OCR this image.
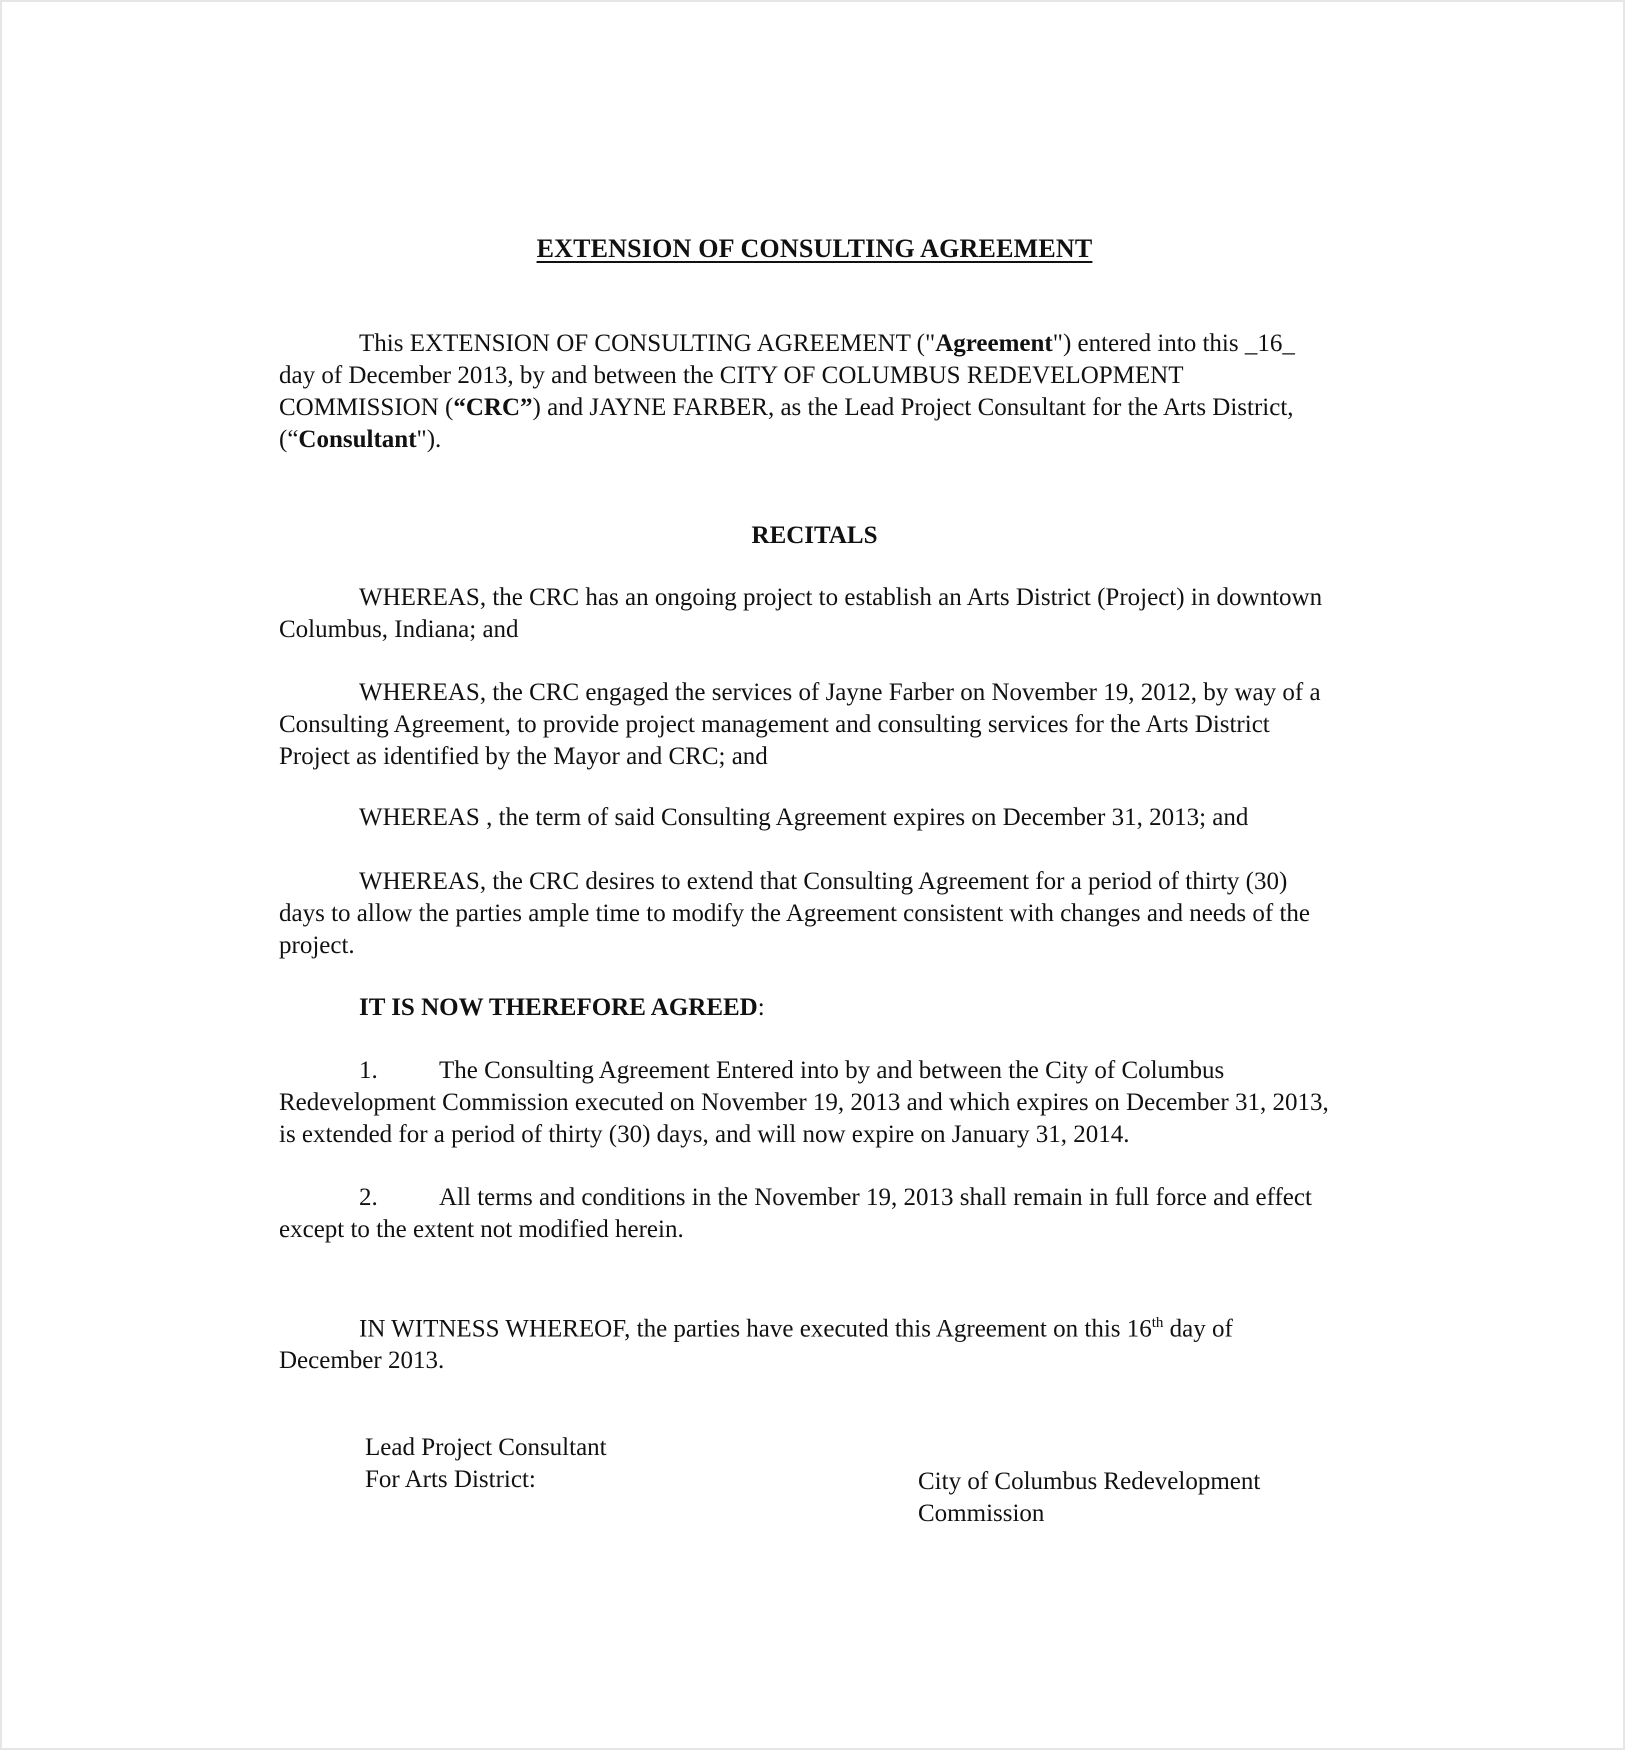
EXTENSION OF CONSULTING AGREEMENT

This EXTENSION OF CONSULTING AGREEMENT ("Agreement") entered into this _16_ day of December 2013, by and between the CITY OF COLUMBUS REDEVELOPMENT COMMISSION (“CRC”) and JAYNE FARBER, as the Lead Project Consultant for the Arts District, (“Consultant").

RECITALS

WHEREAS, the CRC has an ongoing project to establish an Arts District (Project) in downtown Columbus, Indiana; and

WHEREAS, the CRC engaged the services of Jayne Farber on November 19, 2012, by way of a Consulting Agreement, to provide project management and consulting services for the Arts District Project as identified by the Mayor and CRC; and

WHEREAS , the term of said Consulting Agreement expires on December 31, 2013; and

WHEREAS, the CRC desires to extend that Consulting Agreement for a period of thirty (30) days to allow the parties ample time to modify the Agreement consistent with changes and needs of the project.

IT IS NOW THEREFORE AGREED:

1. The Consulting Agreement Entered into by and between the City of Columbus Redevelopment Commission executed on November 19, 2013 and which expires on December 31, 2013, is extended for a period of thirty (30) days, and will now expire on January 31, 2014.

2. All terms and conditions in the November 19, 2013 shall remain in full force and effect except to the extent not modified herein.

IN WITNESS WHEREOF, the parties have executed this Agreement on this 16th day of December 2013.

Lead Project Consultant
For Arts District:	City of Columbus Redevelopment
Commission
